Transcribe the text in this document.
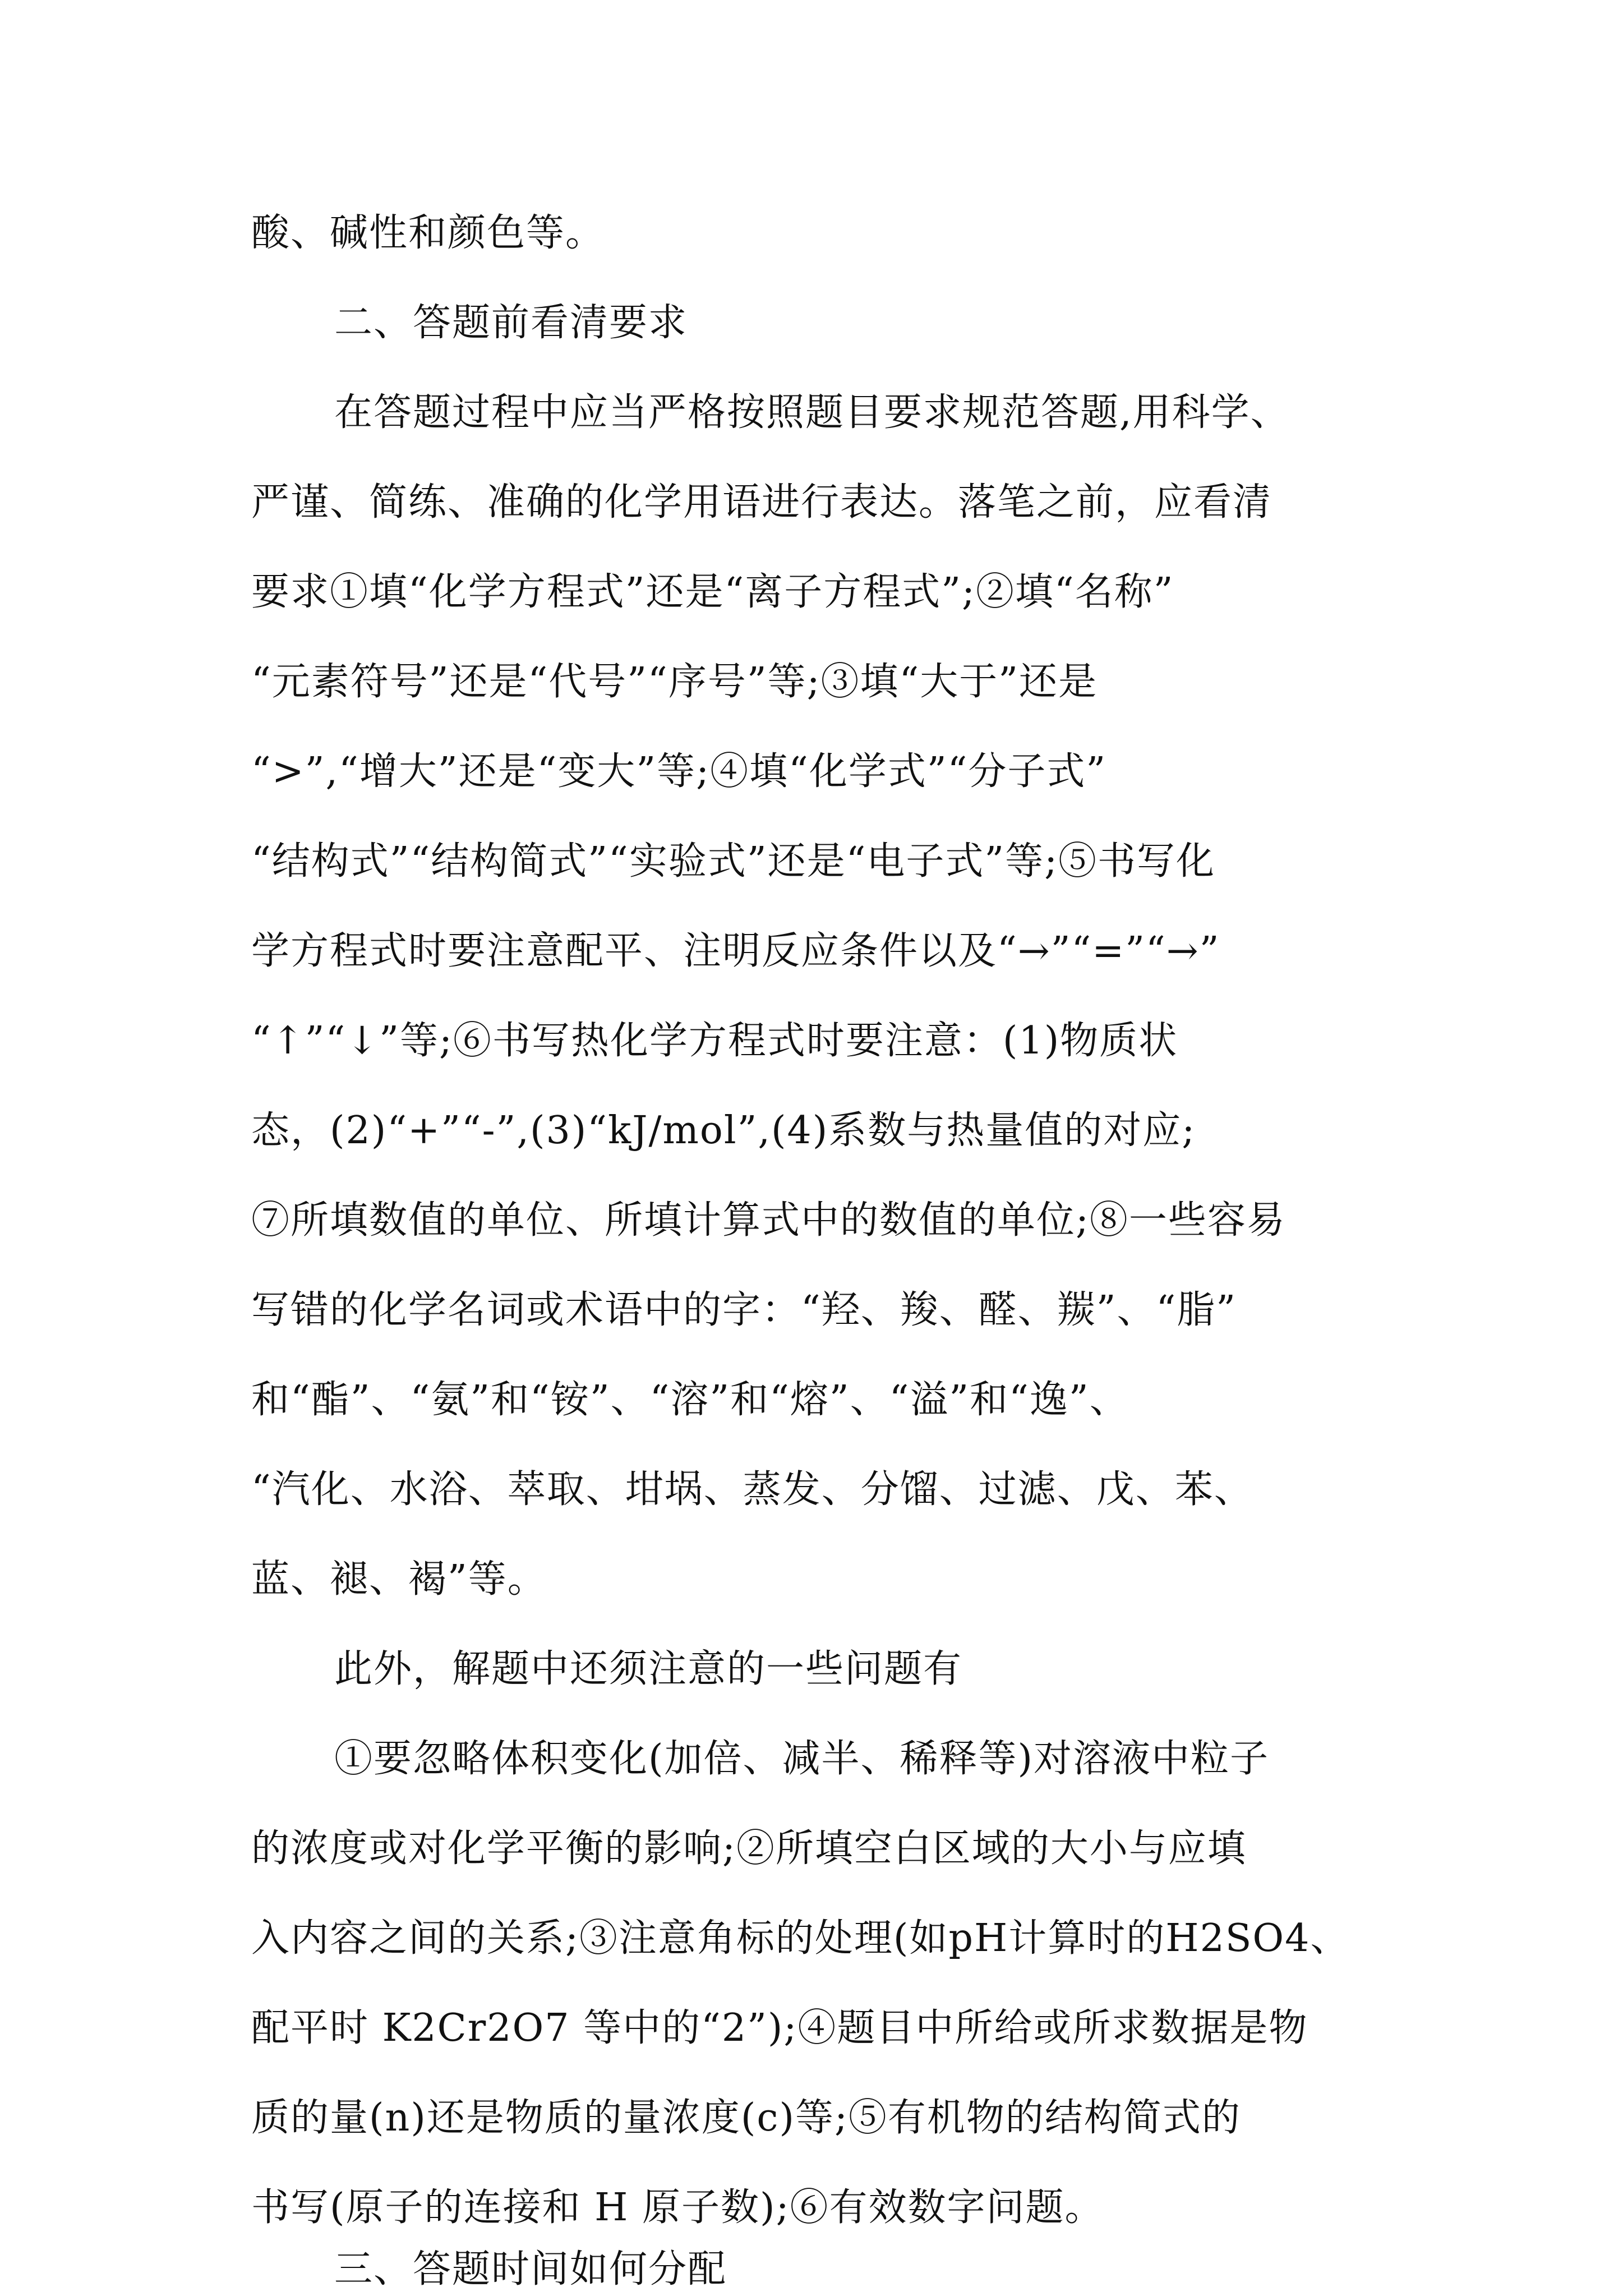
酸、碱性和颜色等。
二、答题前看清要求
在答题过程中应当严格按照题目要求规范答题,用科学、
严谨、简练、准确的化学用语进行表达。落笔之前，应看清
要求①填“化学方程式”还是“离子方程式”;②填“名称”
“元素符号”还是“代号”“序号”等;③填“大于”还是
“>”,“增大”还是“变大”等;④填“化学式”“分子式”
“结构式”“结构简式”“实验式”还是“电子式”等;⑤书写化
学方程式时要注意配平、注明反应条件以及“→”“=”“→”
“↑”“↓”等;⑥书写热化学方程式时要注意：(1)物质状
态，(2)“+”“-”,(3)“kJ/mol”,(4)系数与热量值的对应;
⑦所填数值的单位、所填计算式中的数值的单位;⑧一些容易
写错的化学名词或术语中的字：“羟、羧、醛、羰”、“脂”
和“酯”、“氨”和“铵”、“溶”和“熔”、“溢”和“逸”、
“汽化、水浴、萃取、坩埚、蒸发、分馏、过滤、戊、苯、
蓝、褪、褐”等。
此外，解题中还须注意的一些问题有
①要忽略体积变化(加倍、减半、稀释等)对溶液中粒子
的浓度或对化学平衡的影响;②所填空白区域的大小与应填
入内容之间的关系;③注意角标的处理(如pH计算时的H2SO4、
配平时 K2Cr2O7 等中的“2”);④题目中所给或所求数据是物
质的量(n)还是物质的量浓度(c)等;⑤有机物的结构简式的
书写(原子的连接和 H 原子数);⑥有效数字问题。
三、答题时间如何分配
